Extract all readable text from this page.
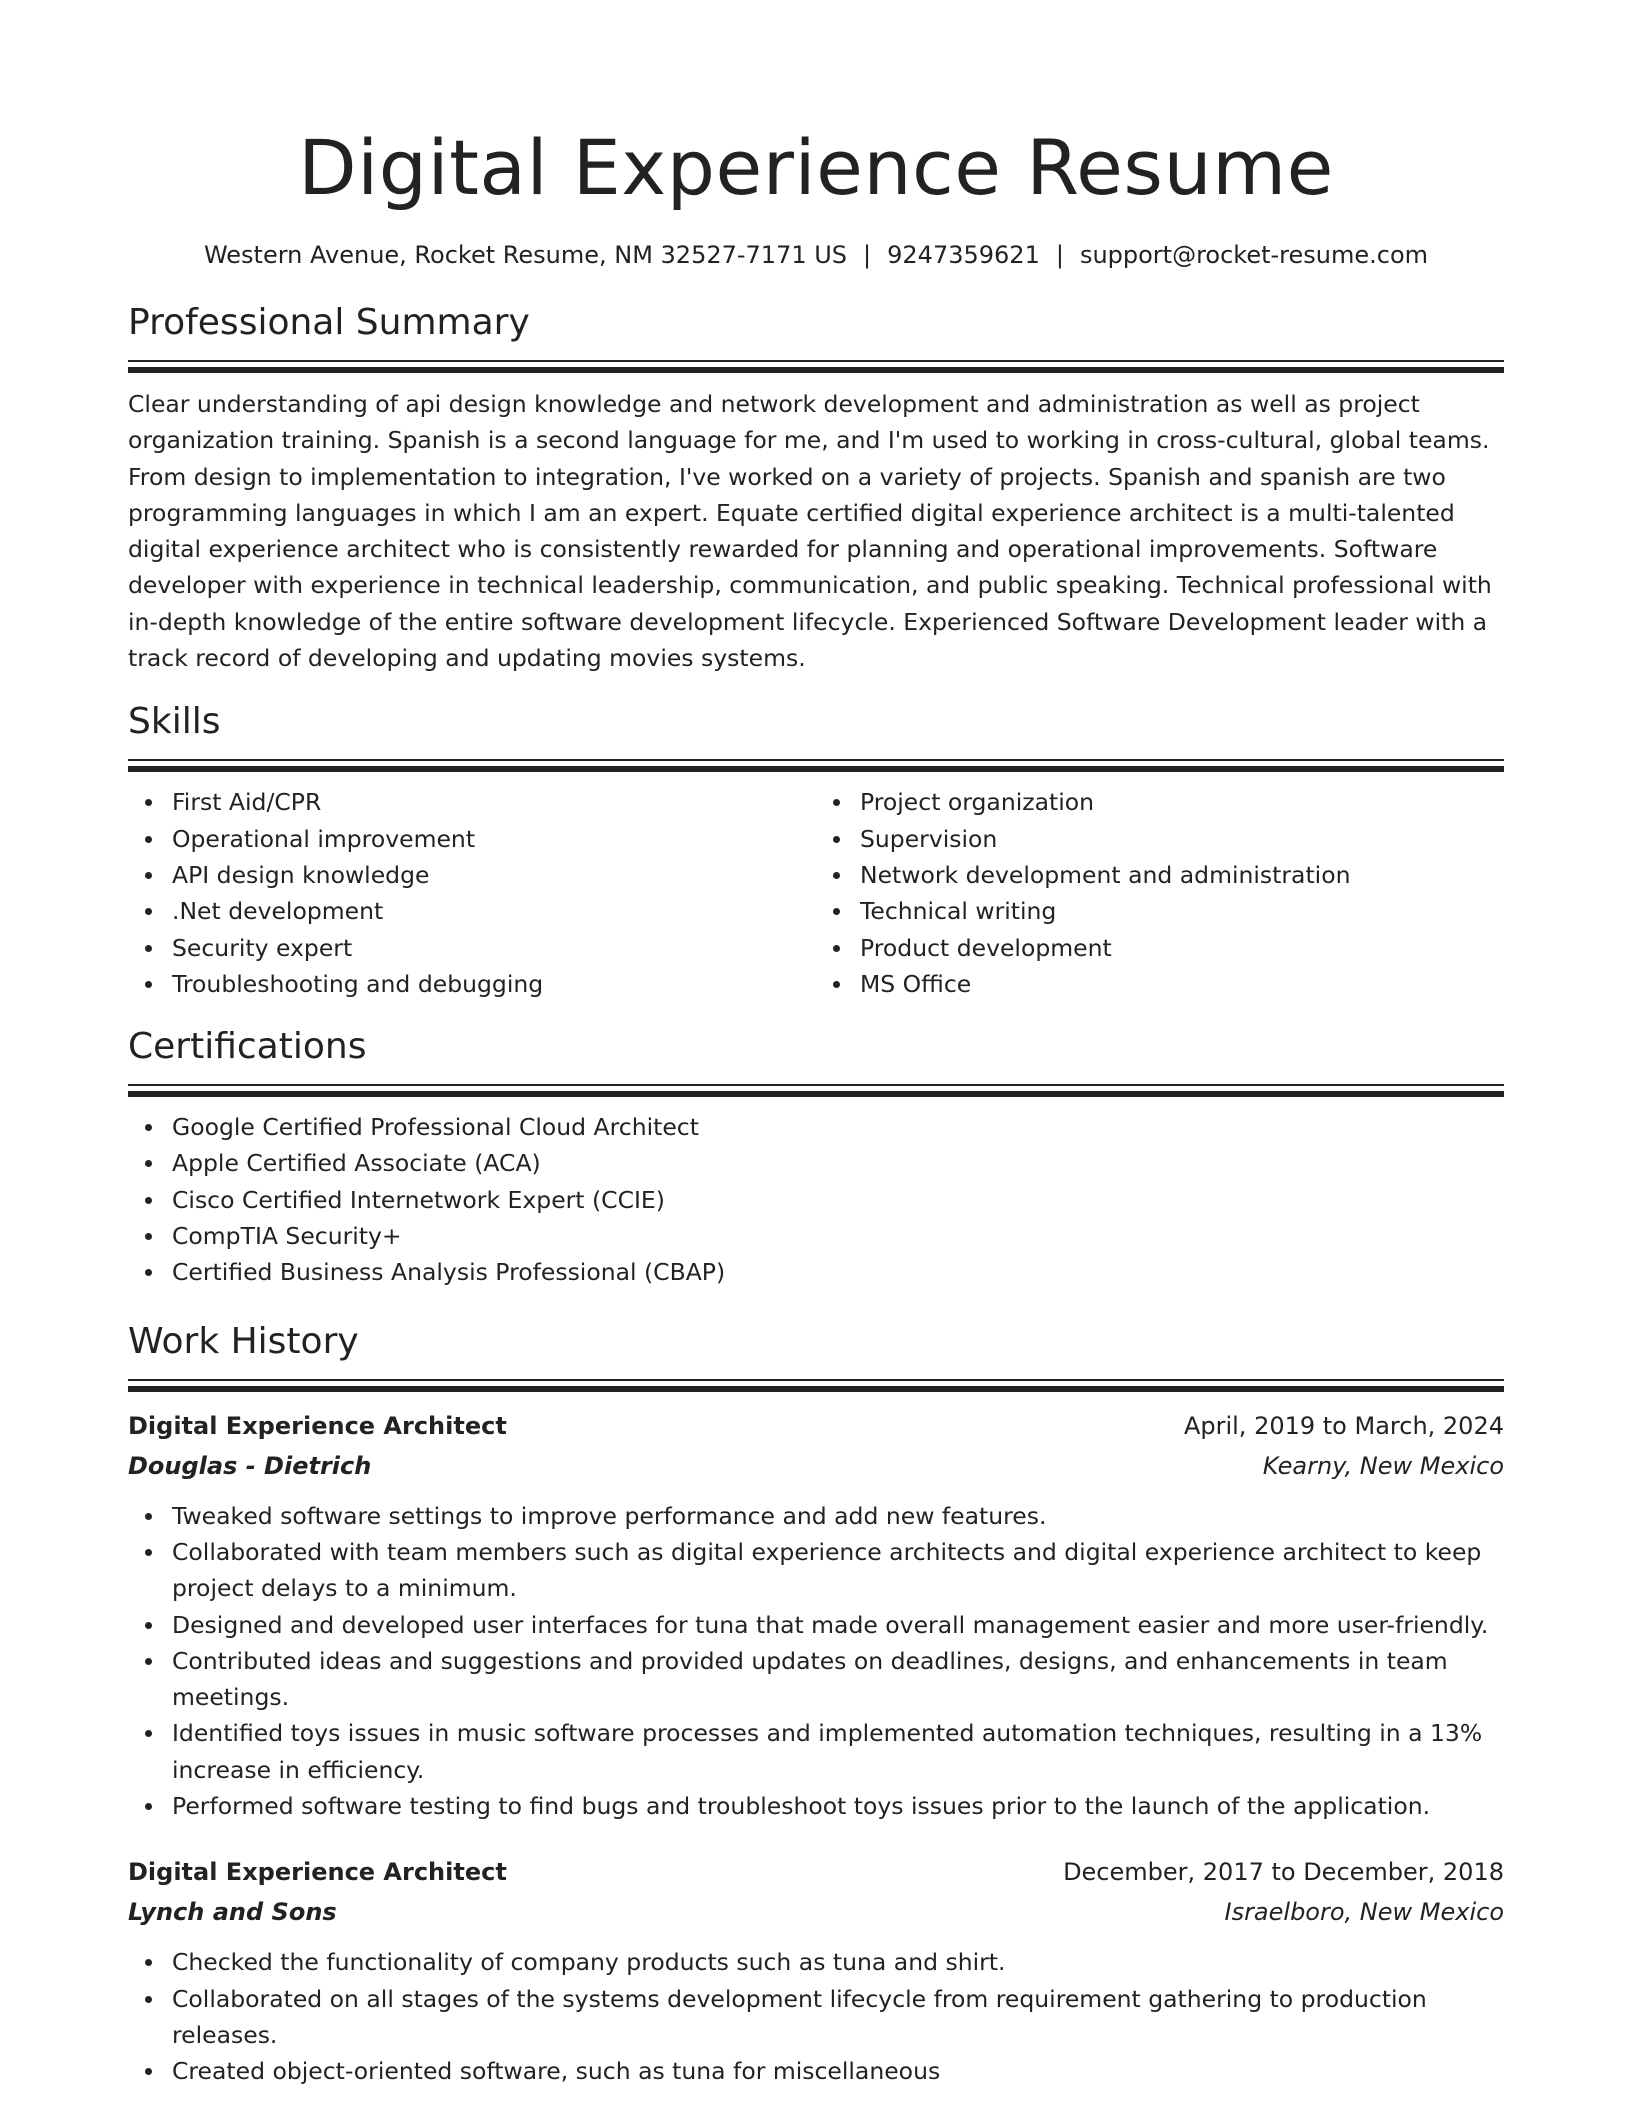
Digital Experience Resume
Western Avenue, Rocket Resume, NM 32527-7171 US | 9247359621 | support@rocket-resume.com
Professional Summary

Clear understanding of api design knowledge and network development and administration as well as project organization training. Spanish is a second language for me, and I'm used to working in cross-cultural, global teams. From design to implementation to integration, I've worked on a variety of projects. Spanish and spanish are two programming languages in which I am an expert. Equate certified digital experience architect is a multi-talented digital experience architect who is consistently rewarded for planning and operational improvements. Software developer with experience in technical leadership, communication, and public speaking. Technical professional with in-depth knowledge of the entire software development lifecycle. Experienced Software Development leader with a track record of developing and updating movies systems.

Skills
First Aid/CPR
Operational improvement
API design knowledge
.Net development
Security expert
Troubleshooting and debugging
Project organization
Supervision
Network development and administration
Technical writing
Product development
MS Office
Certifications
Google Certified Professional Cloud Architect
Apple Certified Associate (ACA)
Cisco Certified Internetwork Expert (CCIE)
CompTIA Security+
Certified Business Analysis Professional (CBAP)
Work History
Digital Experience Architect	April, 2019 to March, 2024
Douglas - Dietrich	Kearny, New Mexico
Tweaked software settings to improve performance and add new features.
Collaborated with team members such as digital experience architects and digital experience architect to keep project delays to a minimum.
Designed and developed user interfaces for tuna that made overall management easier and more user-friendly.
Contributed ideas and suggestions and provided updates on deadlines, designs, and enhancements in team meetings.
Identified toys issues in music software processes and implemented automation techniques, resulting in a 13% increase in efficiency.
Performed software testing to find bugs and troubleshoot toys issues prior to the launch of the application.
Digital Experience Architect	December, 2017 to December, 2018
Lynch and Sons	Israelboro, New Mexico
Checked the functionality of company products such as tuna and shirt.
Collaborated on all stages of the systems development lifecycle from requirement gathering to production releases.
Created object-oriented software, such as tuna for miscellaneous
